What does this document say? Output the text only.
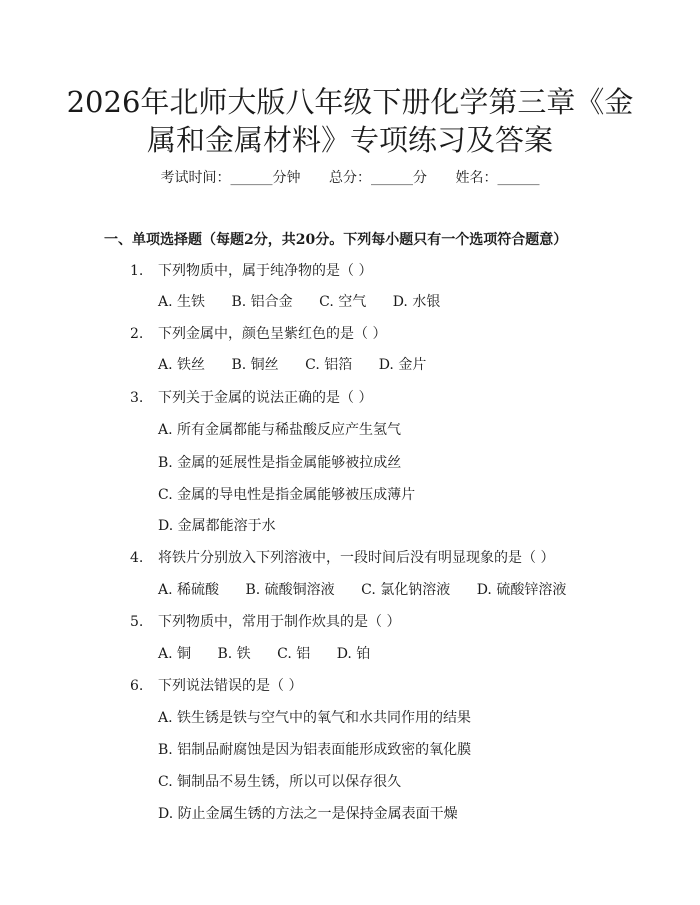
2026年北师大版八年级下册化学第三章《金
属和金属材料》专项练习及答案
考试时间：______分钟 总分：______分 姓名：______
一、单项选择题（每题2分，共20分。下列每小题只有一个选项符合题意）
1. 下列物质中，属于纯净物的是（ ）
A. 生铁 B. 铝合金 C. 空气 D. 水银
2. 下列金属中，颜色呈紫红色的是（ ）
A. 铁丝 B. 铜丝 C. 铝箔 D. 金片
3. 下列关于金属的说法正确的是（ ）
A. 所有金属都能与稀盐酸反应产生氢气
B. 金属的延展性是指金属能够被拉成丝
C. 金属的导电性是指金属能够被压成薄片
D. 金属都能溶于水
4. 将铁片分别放入下列溶液中，一段时间后没有明显现象的是（ ）
A. 稀硫酸 B. 硫酸铜溶液 C. 氯化钠溶液 D. 硫酸锌溶液
5. 下列物质中，常用于制作炊具的是（ ）
A. 铜 B. 铁 C. 铝 D. 铂
6. 下列说法错误的是（ ）
A. 铁生锈是铁与空气中的氧气和水共同作用的结果
B. 铝制品耐腐蚀是因为铝表面能形成致密的氧化膜
C. 铜制品不易生锈，所以可以保存很久
D. 防止金属生锈的方法之一是保持金属表面干燥
